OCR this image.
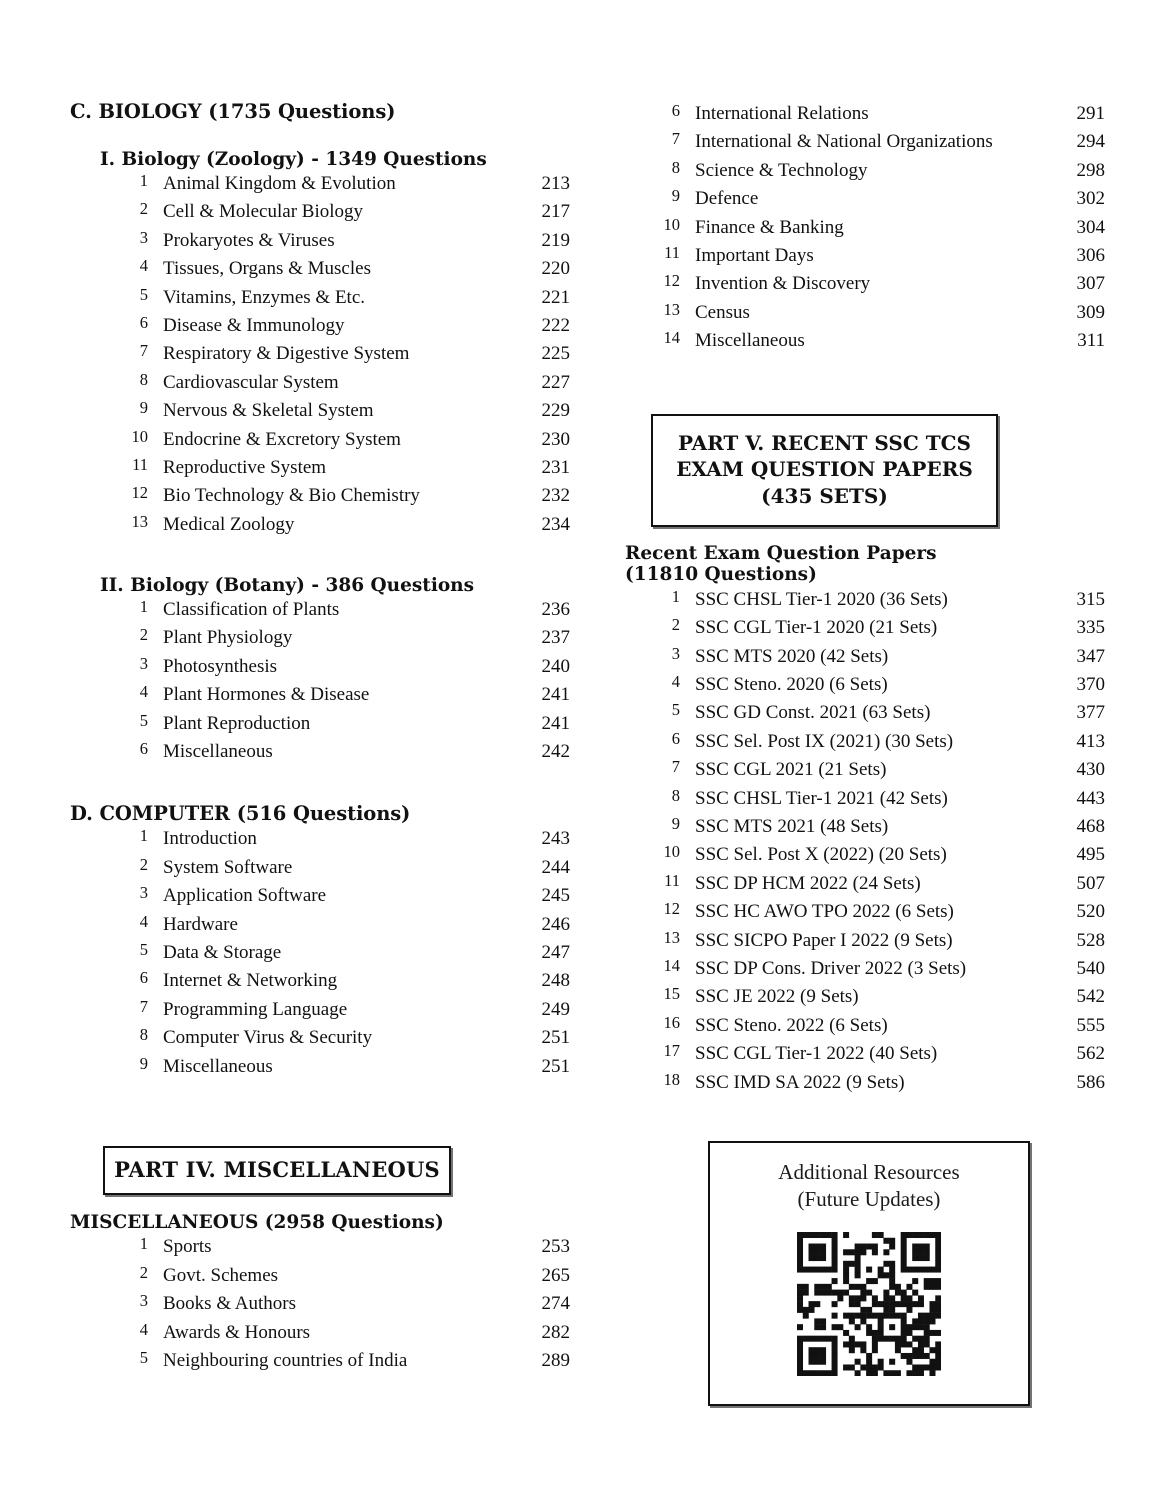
C. BIOLOGY (1735 Questions)
I. Biology (Zoology) - 1349 Questions
1 Animal Kingdom & Evolution	213
2 Cell & Molecular Biology	217
3 Prokaryotes & Viruses	219
4 Tissues, Organs & Muscles	220
5 Vitamins, Enzymes & Etc.	221
6 Disease & Immunology	222
7 Respiratory & Digestive System	225
8 Cardiovascular System	227
9 Nervous & Skeletal System	229
10 Endocrine & Excretory System	230
11 Reproductive System	231
12 Bio Technology & Bio Chemistry	232
13 Medical Zoology	234
II. Biology (Botany) - 386 Questions
1 Classification of Plants	236
2 Plant Physiology	237
3 Photosynthesis	240
4 Plant Hormones & Disease	241
5 Plant Reproduction	241
6 Miscellaneous	242
D. COMPUTER (516 Questions)
1 Introduction	243
2 System Software	244
3 Application Software	245
4 Hardware	246
5 Data & Storage	247
6 Internet & Networking	248
7 Programming Language	249
8 Computer Virus & Security	251
9 Miscellaneous	251
PART IV. MISCELLANEOUS
MISCELLANEOUS (2958 Questions)
1 Sports	253
2 Govt. Schemes	265
3 Books & Authors	274
4 Awards & Honours	282
5 Neighbouring countries of India	289
6 International Relations	291
7 International & National Organizations	294
8 Science & Technology	298
9 Defence	302
10 Finance & Banking	304
11 Important Days	306
12 Invention & Discovery	307
13 Census	309
14 Miscellaneous	311
PART V. RECENT SSC TCS
EXAM QUESTION PAPERS
(435 SETS)
Recent Exam Question Papers
(11810 Questions)
1 SSC CHSL Tier-1 2020 (36 Sets)	315
2 SSC CGL Tier-1 2020 (21 Sets)	335
3 SSC MTS 2020 (42 Sets)	347
4 SSC Steno. 2020 (6 Sets)	370
5 SSC GD Const. 2021 (63 Sets)	377
6 SSC Sel. Post IX (2021) (30 Sets)	413
7 SSC CGL 2021 (21 Sets)	430
8 SSC CHSL Tier-1 2021 (42 Sets)	443
9 SSC MTS 2021 (48 Sets)	468
10 SSC Sel. Post X (2022) (20 Sets)	495
11 SSC DP HCM 2022 (24 Sets)	507
12 SSC HC AWO TPO 2022 (6 Sets)	520
13 SSC SICPO Paper I 2022 (9 Sets)	528
14 SSC DP Cons. Driver 2022 (3 Sets)	540
15 SSC JE 2022 (9 Sets)	542
16 SSC Steno. 2022 (6 Sets)	555
17 SSC CGL Tier-1 2022 (40 Sets)	562
18 SSC IMD SA 2022 (9 Sets)	586
Additional Resources
(Future Updates)
